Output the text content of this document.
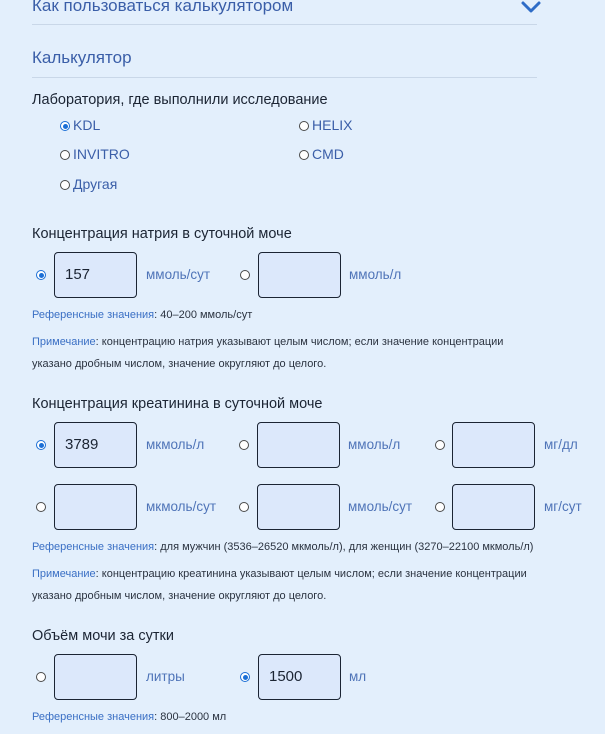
Как пользоваться калькулятором
Калькулятор
Лаборатория, где выполнили исследование
KDL	HELIX
INVITRO	CMD
Другая
Концентрация натрия в суточной моче
157	ммоль/сут	ммоль/л
Референсные значения: 40–200 ммоль/сут
Примечание: концентрацию натрия указывают целым числом; если значение концентрации
указано дробным числом, значение округляют до целого.
Концентрация креатинина в суточной моче
3789	мкмоль/л	ммоль/л	мг/дл
мкмоль/сут	ммоль/сут	мг/сут
Референсные значения: для мужчин (3536–26520 мкмоль/л), для женщин (3270–22100 мкмоль/л)
Примечание: концентрацию креатинина указывают целым числом; если значение концентрации
указано дробным числом, значение округляют до целого.
Объём мочи за сутки
литры	1500	мл
Референсные значения: 800–2000 мл
